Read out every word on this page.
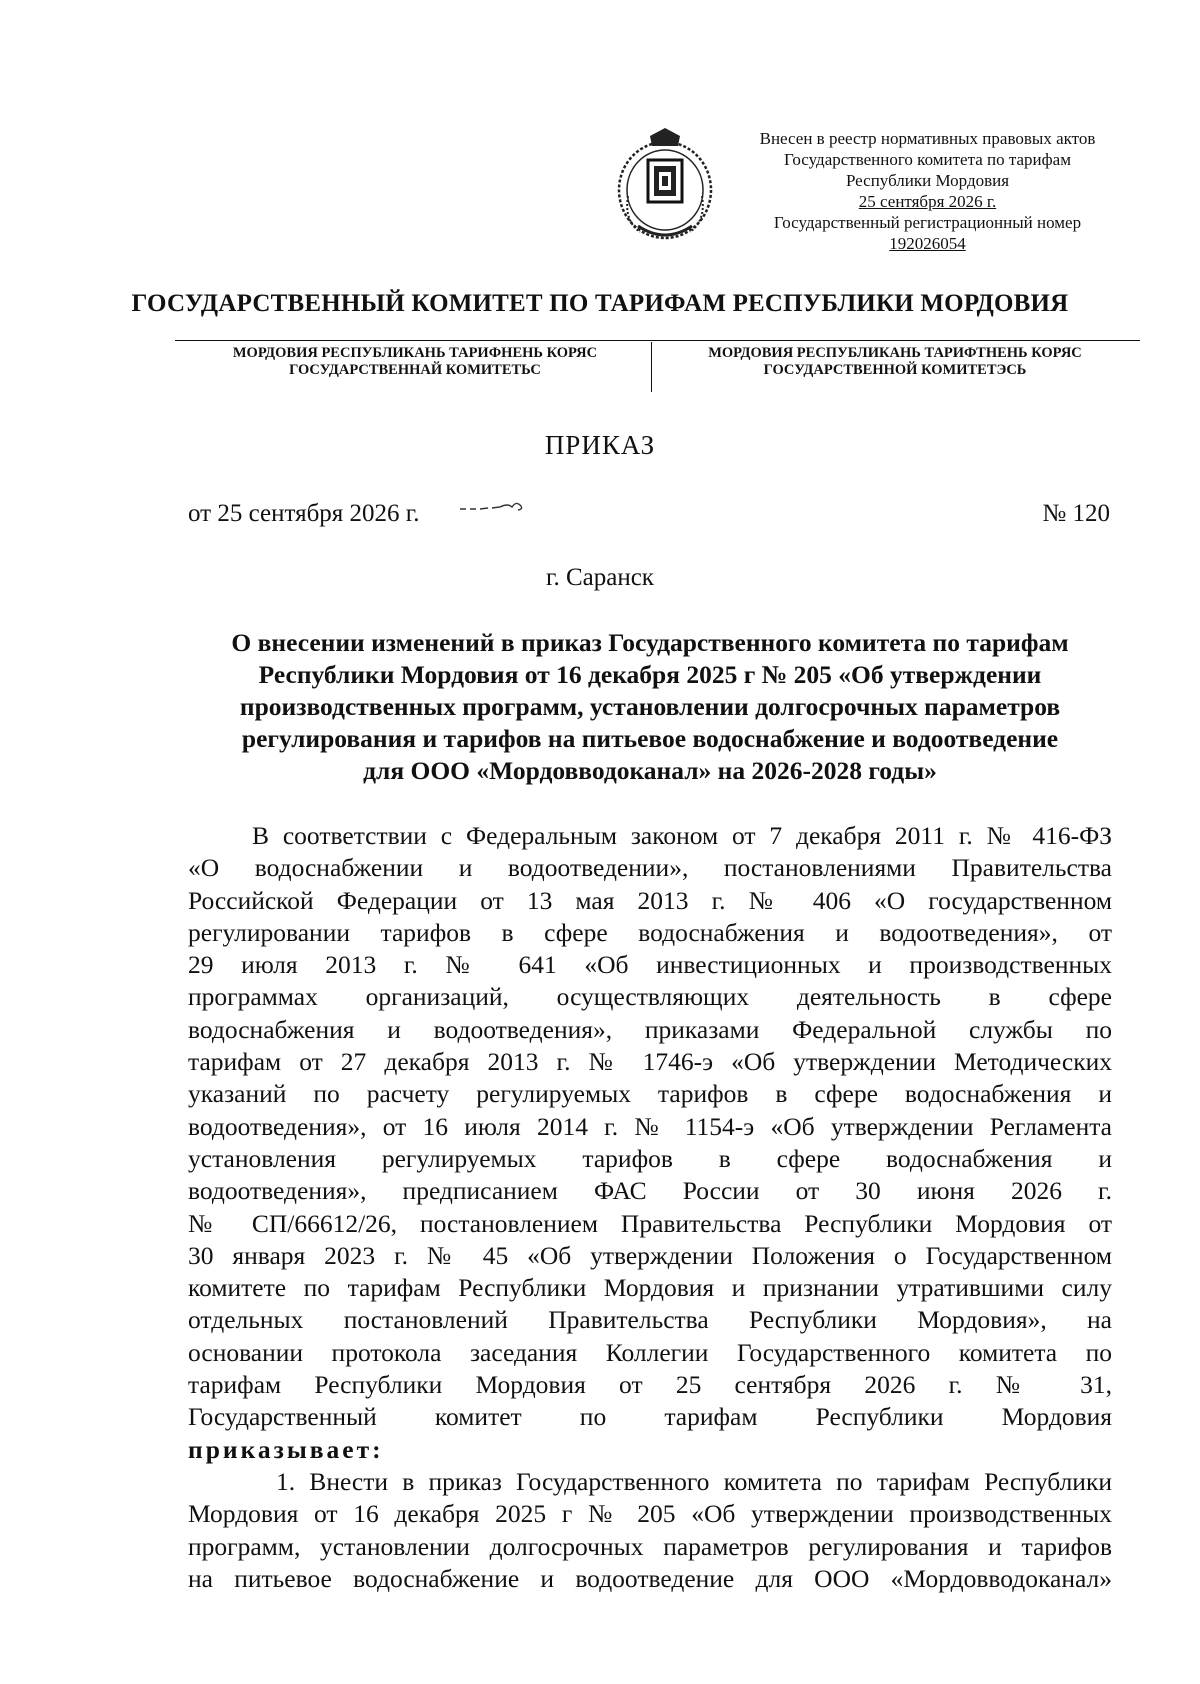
Внесен в реестр нормативных правовых актов
Государственного комитета по тарифам
Республики Мордовия
25 сентября 2026 г.
Государственный регистрационный номер
192026054
ГОСУДАРСТВЕННЫЙ КОМИТЕТ ПО ТАРИФАМ РЕСПУБЛИКИ МОРДОВИЯ
МОРДОВИЯ РЕСПУБЛИКАНЬ ТАРИФНЕНЬ КОРЯС
ГОСУДАРСТВЕННАЙ КОМИТЕТЬС
МОРДОВИЯ РЕСПУБЛИКАНЬ ТАРИФТНЕНЬ КОРЯС
ГОСУДАРСТВЕННОЙ КОМИТЕТЭСЬ
ПРИКАЗ
от 25 сентября 2026 г.	№ 120
г. Саранск
О внесении изменений в приказ Государственного комитета по тарифам
Республики Мордовия от 16 декабря 2025 г № 205 «Об утверждении
производственных программ, установлении долгосрочных параметров
регулирования и тарифов на питьевое водоснабжение и водоотведение
для ООО «Мордовводоканал» на 2026-2028 годы»
В соответствии с Федеральным законом от 7 декабря 2011 г. № 416-ФЗ
«О водоснабжении и водоотведении», постановлениями Правительства
Российской Федерации от 13 мая 2013 г. № 406 «О государственном
регулировании тарифов в сфере водоснабжения и водоотведения», от
29 июля 2013 г. № 641 «Об инвестиционных и производственных
программах организаций, осуществляющих деятельность в сфере
водоснабжения и водоотведения», приказами Федеральной службы по
тарифам от 27 декабря 2013 г. № 1746-э «Об утверждении Методических
указаний по расчету регулируемых тарифов в сфере водоснабжения и
водоотведения», от 16 июля 2014 г. № 1154-э «Об утверждении Регламента
установления регулируемых тарифов в сфере водоснабжения и
водоотведения», предписанием ФАС России от 30 июня 2026 г.
№ СП/66612/26, постановлением Правительства Республики Мордовия от
30 января 2023 г. № 45 «Об утверждении Положения о Государственном
комитете по тарифам Республики Мордовия и признании утратившими силу
отдельных постановлений Правительства Республики Мордовия», на
основании протокола заседания Коллегии Государственного комитета по
тарифам Республики Мордовия от 25 сентября 2026 г. № 31,
Государственный комитет по тарифам Республики Мордовия
приказывает:
1. Внести в приказ Государственного комитета по тарифам Республики
Мордовия от 16 декабря 2025 г № 205 «Об утверждении производственных
программ, установлении долгосрочных параметров регулирования и тарифов
на питьевое водоснабжение и водоотведение для ООО «Мордовводоканал»
